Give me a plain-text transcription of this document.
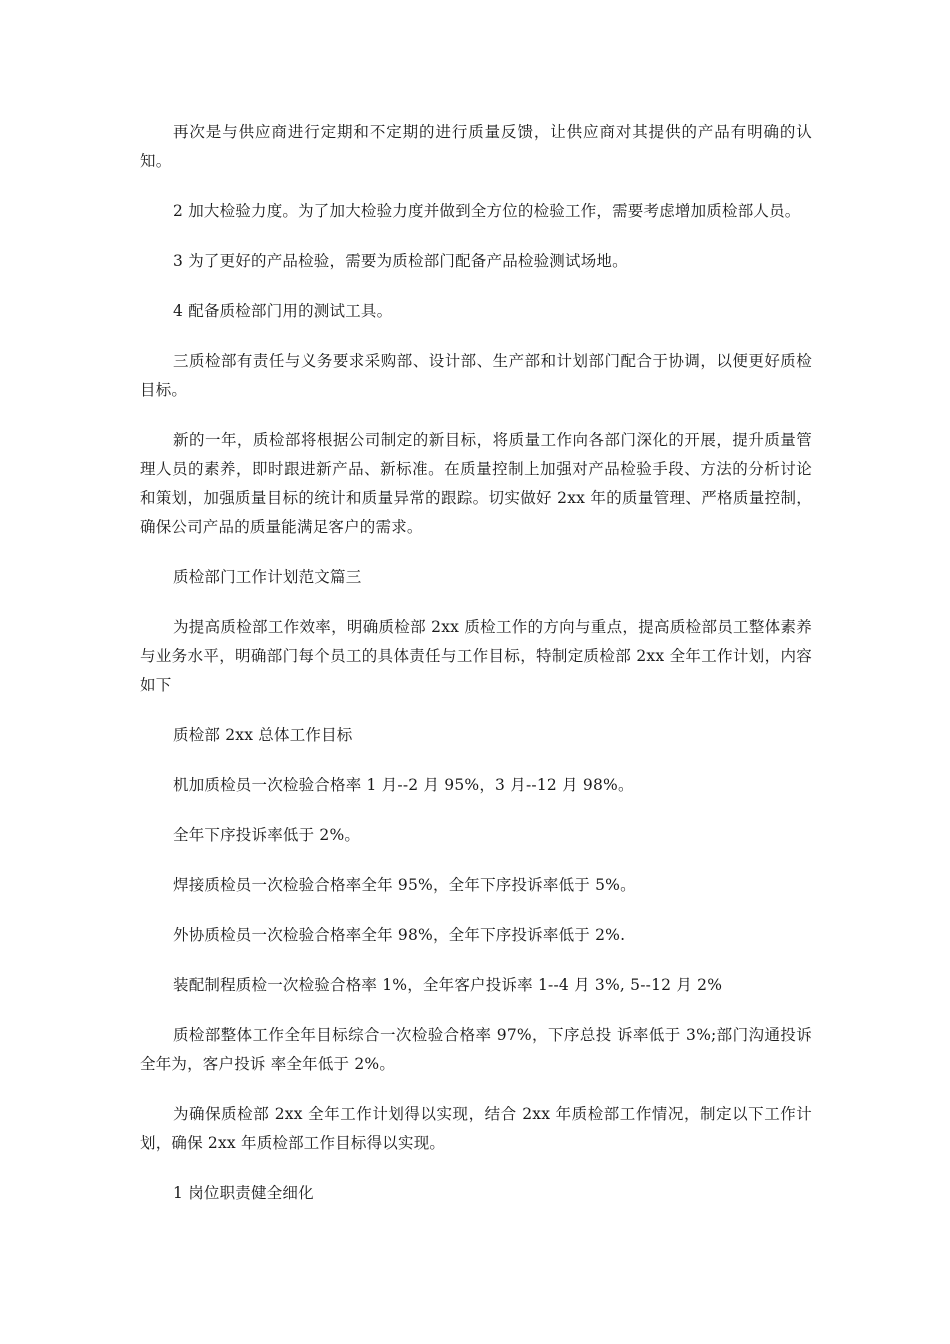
再次是与供应商进行定期和不定期的进行质量反馈，让供应商对其提供的产品有明确的认知。

2 加大检验力度。为了加大检验力度并做到全方位的检验工作，需要考虑增加质检部人员。

3 为了更好的产品检验，需要为质检部门配备产品检验测试场地。

4 配备质检部门用的测试工具。

三质检部有责任与义务要求采购部、设计部、生产部和计划部门配合于协调，以便更好质检目标。

新的一年，质检部将根据公司制定的新目标，将质量工作向各部门深化的开展，提升质量管理人员的素养，即时跟进新产品、新标准。在质量控制上加强对产品检验手段、方法的分析讨论和策划，加强质量目标的统计和质量异常的跟踪。切实做好 2xx 年的质量管理、严格质量控制，确保公司产品的质量能满足客户的需求。

质检部门工作计划范文篇三

为提高质检部工作效率，明确质检部 2xx 质检工作的方向与重点，提高质检部员工整体素养与业务水平，明确部门每个员工的具体责任与工作目标，特制定质检部 2xx 全年工作计划，内容如下

质检部 2xx 总体工作目标

机加质检员一次检验合格率 1 月--2 月 95%，3 月--12 月 98%。

全年下序投诉率低于 2%。

焊接质检员一次检验合格率全年 95%，全年下序投诉率低于 5%。

外协质检员一次检验合格率全年 98%，全年下序投诉率低于 2%.

装配制程质检一次检验合格率 1%，全年客户投诉率 1--4 月 3%, 5--12 月 2%

质检部整体工作全年目标综合一次检验合格率 97%，下序总投 诉率低于 3%;部门沟通投诉全年为，客户投诉 率全年低于 2%。

为确保质检部 2xx 全年工作计划得以实现，结合 2xx 年质检部工作情况，制定以下工作计划，确保 2xx 年质检部工作目标得以实现。

1 岗位职责健全细化
